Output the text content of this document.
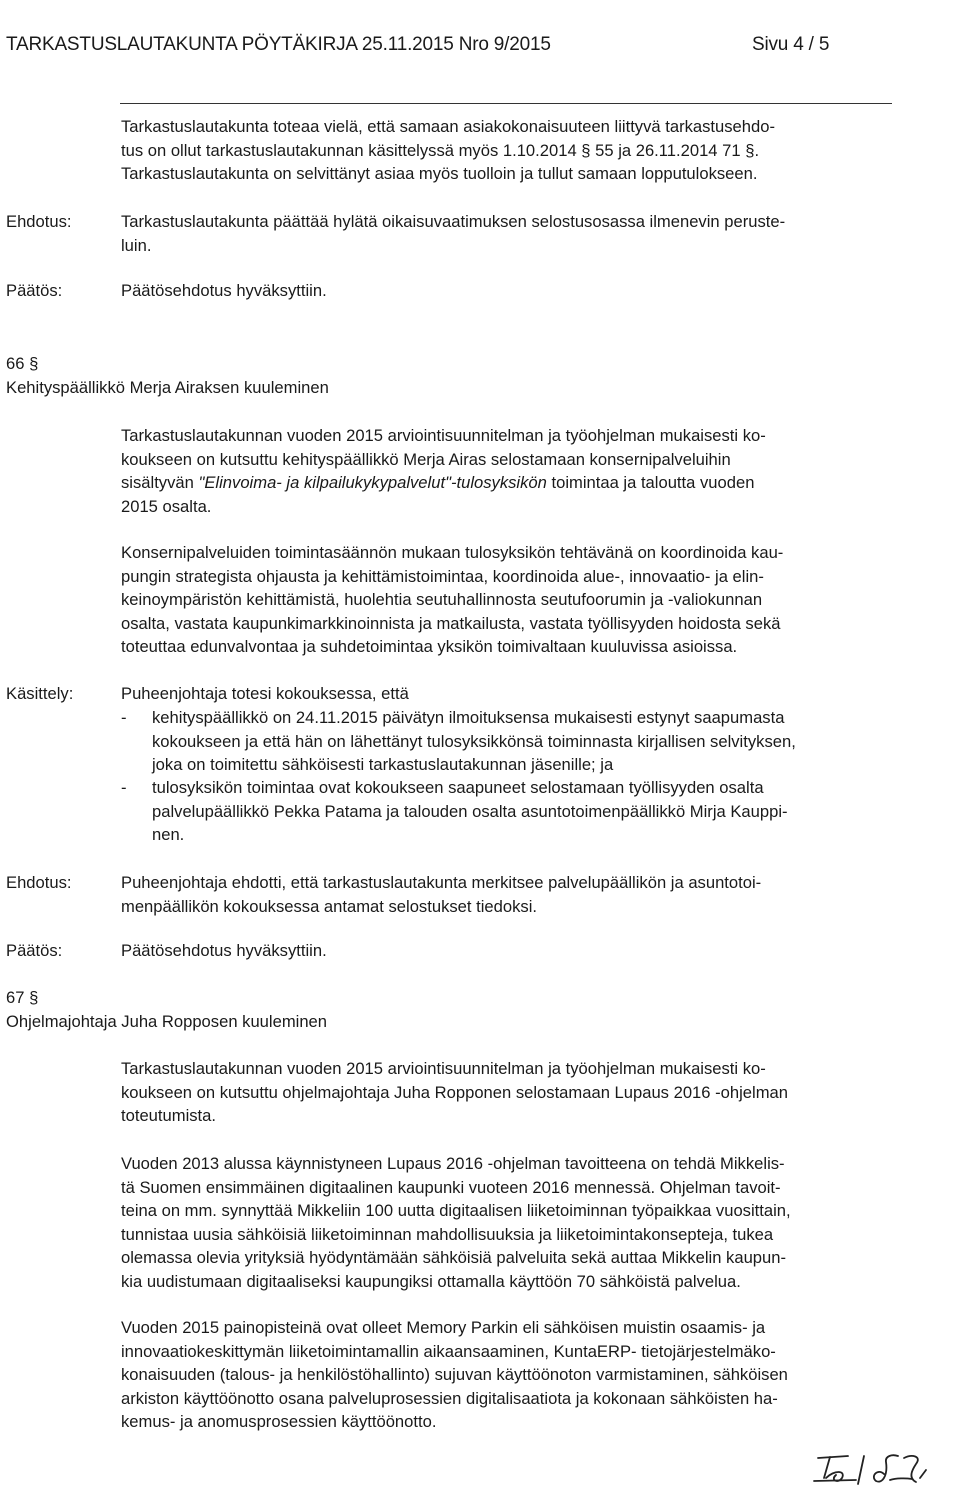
TARKASTUSLAUTAKUNTA PÖYTÄKIRJA 25.11.2015 Nro 9/2015	Sivu 4 / 5
Tarkastuslautakunta toteaa vielä, että samaan asiakokonaisuuteen liittyvä tarkastusehdo-
tus on ollut tarkastuslautakunnan käsittelyssä myös 1.10.2014 § 55 ja 26.11.2014 71 §.
Tarkastuslautakunta on selvittänyt asiaa myös tuolloin ja tullut samaan lopputulokseen.
Ehdotus:	Tarkastuslautakunta päättää hylätä oikaisuvaatimuksen selostusosassa ilmenevin peruste-
luin.
Päätös:	Päätösehdotus hyväksyttiin.
66 §
Kehityspäällikkö Merja Airaksen kuuleminen
Tarkastuslautakunnan vuoden 2015 arviointisuunnitelman ja työohjelman mukaisesti ko-
koukseen on kutsuttu kehityspäällikkö Merja Airas selostamaan konsernipalveluihin
sisältyvän "Elinvoima- ja kilpailukykypalvelut"-tulosyksikön toimintaa ja taloutta vuoden
2015 osalta.
Konsernipalveluiden toimintasäännön mukaan tulosyksikön tehtävänä on koordinoida kau-
pungin strategista ohjausta ja kehittämistoimintaa, koordinoida alue-, innovaatio- ja elin-
keinoympäristön kehittämistä, huolehtia seutuhallinnosta seutufoorumin ja -valiokunnan
osalta, vastata kaupunkimarkkinoinnista ja matkailusta, vastata työllisyyden hoidosta sekä
toteuttaa edunvalvontaa ja suhdetoimintaa yksikön toimivaltaan kuuluvissa asioissa.
Käsittely:	Puheenjohtaja totesi kokouksessa, että
- kehityspäällikkö on 24.11.2015 päivätyn ilmoituksensa mukaisesti estynyt saapumasta
kokoukseen ja että hän on lähettänyt tulosyksikkönsä toiminnasta kirjallisen selvityksen,
joka on toimitettu sähköisesti tarkastuslautakunnan jäsenille; ja
- tulosyksikön toimintaa ovat kokoukseen saapuneet selostamaan työllisyyden osalta
palvelupäällikkö Pekka Patama ja talouden osalta asuntotoimenpäällikkö Mirja Kauppi-
nen.
Ehdotus:	Puheenjohtaja ehdotti, että tarkastuslautakunta merkitsee palvelupäällikön ja asuntotoi-
menpäällikön kokouksessa antamat selostukset tiedoksi.
Päätös:	Päätösehdotus hyväksyttiin.
67 §
Ohjelmajohtaja Juha Ropposen kuuleminen
Tarkastuslautakunnan vuoden 2015 arviointisuunnitelman ja työohjelman mukaisesti ko-
koukseen on kutsuttu ohjelmajohtaja Juha Ropponen selostamaan Lupaus 2016 -ohjelman
toteutumista.
Vuoden 2013 alussa käynnistyneen Lupaus 2016 -ohjelman tavoitteena on tehdä Mikkelis-
tä Suomen ensimmäinen digitaalinen kaupunki vuoteen 2016 mennessä. Ohjelman tavoit-
teina on mm. synnyttää Mikkeliin 100 uutta digitaalisen liiketoiminnan työpaikkaa vuosittain,
tunnistaa uusia sähköisiä liiketoiminnan mahdollisuuksia ja liiketoimintakonsepteja, tukea
olemassa olevia yrityksiä hyödyntämään sähköisiä palveluita sekä auttaa Mikkelin kaupun-
kia uudistumaan digitaaliseksi kaupungiksi ottamalla käyttöön 70 sähköistä palvelua.
Vuoden 2015 painopisteinä ovat olleet Memory Parkin eli sähköisen muistin osaamis- ja
innovaatiokeskittymän liiketoimintamallin aikaansaaminen, KuntaERP- tietojärjestelmäko-
konaisuuden (talous- ja henkilöstöhallinto) sujuvan käyttöönoton varmistaminen, sähköisen
arkiston käyttöönotto osana palveluprosessien digitalisaatiota ja kokonaan sähköisten ha-
kemus- ja anomusprosessien käyttöönotto.
